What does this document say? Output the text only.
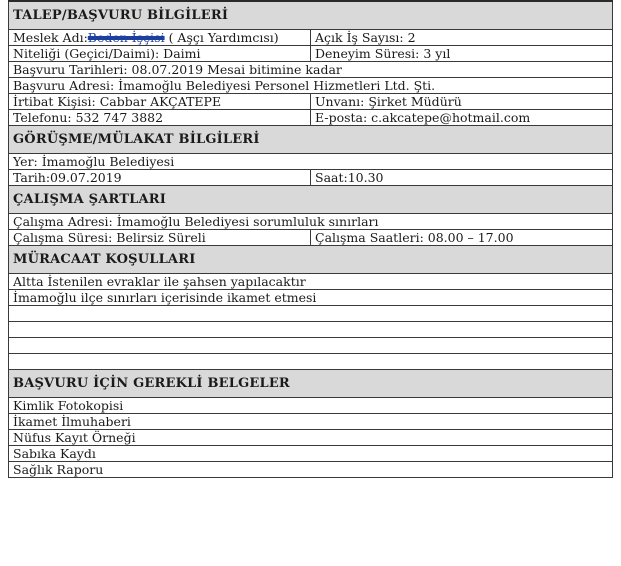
TALEP/BAŞVURU BİLGİLERİ	
Meslek Adı:Beden İşçisi ( Aşçı Yardımcısı)	Açık İş Sayısı: 2
Niteliği (Geçici/Daimi): Daimi	Deneyim Süresi: 3 yıl
Başvuru Tarihleri: 08.07.2019 Mesai bitimine kadar	
Başvuru Adresi: İmamoğlu Belediyesi Personel Hizmetleri Ltd. Şti.	
İrtibat Kişisi: Cabbar AKÇATEPE	Unvanı: Şirket Müdürü
Telefonu: 532 747 3882	E-posta: c.akcatepe@hotmail.com
GÖRÜŞME/MÜLAKAT BİLGİLERİ	
Yer: İmamoğlu Belediyesi	
Tarih:09.07.2019	Saat:10.30
ÇALIŞMA ŞARTLARI	
Çalışma Adresi: İmamoğlu Belediyesi sorumluluk sınırları	
Çalışma Süresi: Belirsiz Süreli	Çalışma Saatleri: 08.00 – 17.00
MÜRACAAT KOŞULLARI	
Altta İstenilen evraklar ile şahsen yapılacaktır	
İmamoğlu ilçe sınırları içerisinde ikamet etmesi	

BAŞVURU İÇİN GEREKLİ BELGELER	
Kimlik Fotokopisi	
İkamet İlmuhaberi	
Nüfus Kayıt Örneği	
Sabıka Kaydı	
Sağlık Raporu	
